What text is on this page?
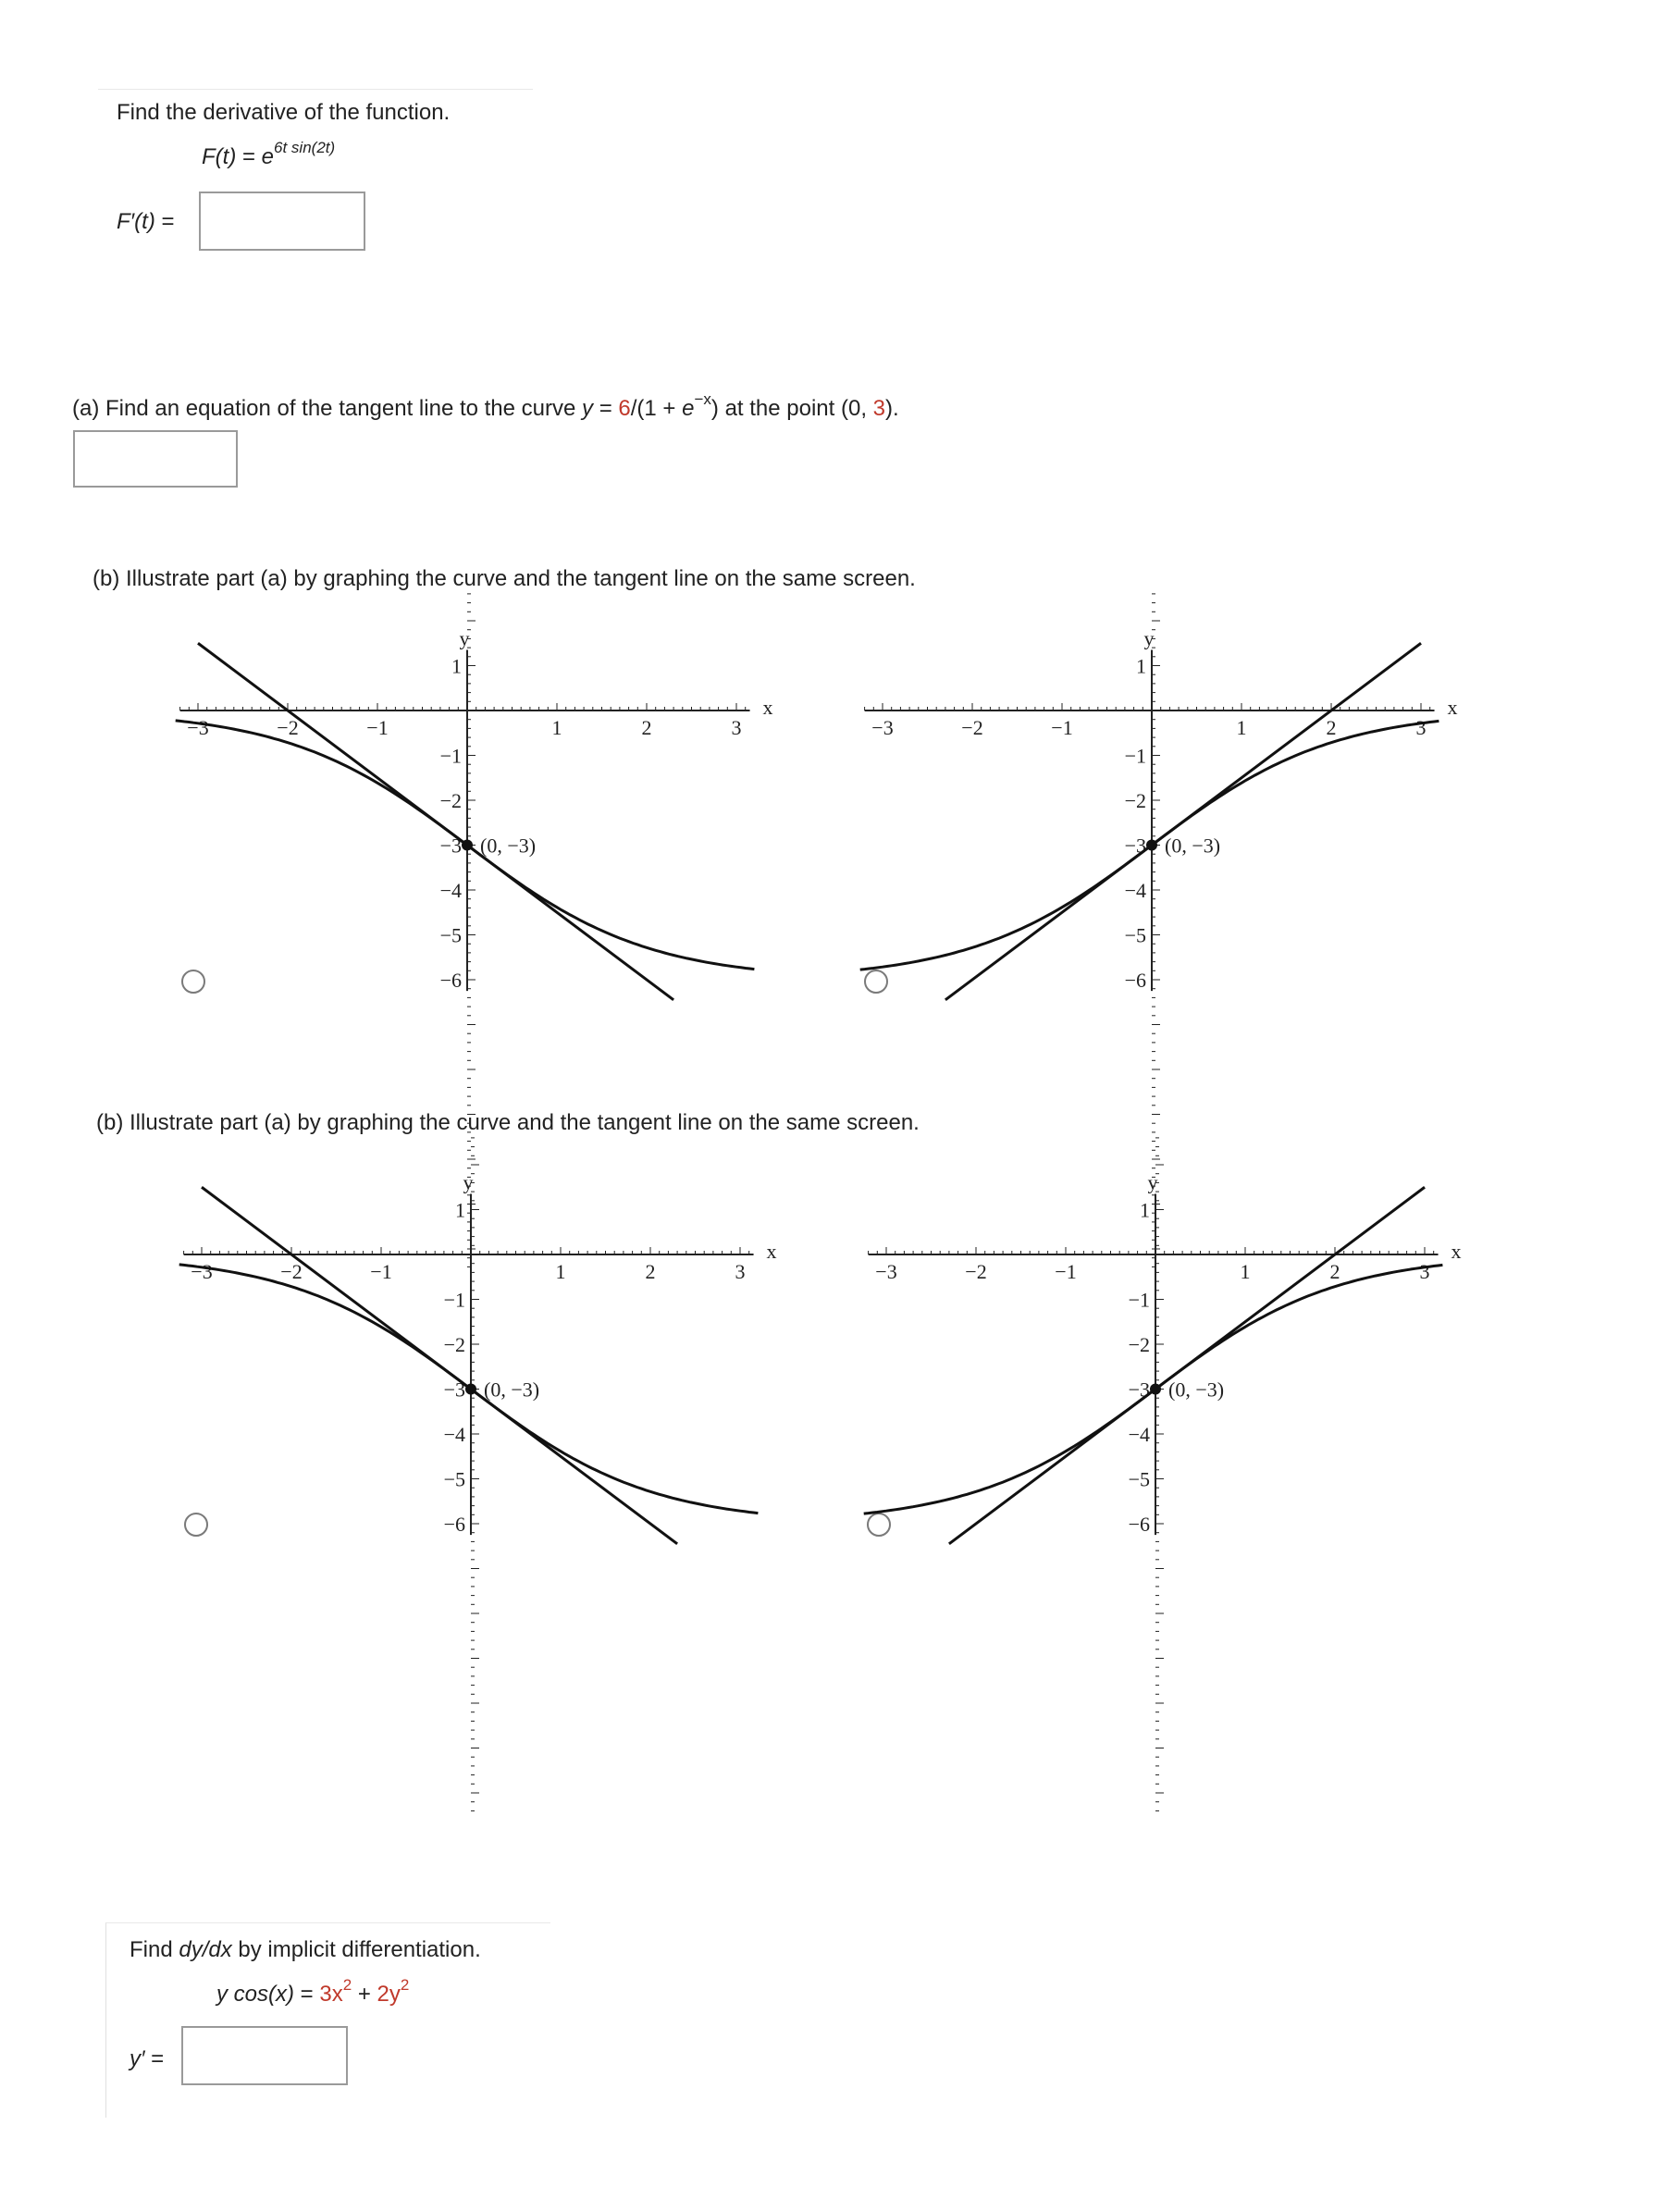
Find the derivative of the function.
$F(t) = e^{6t sin(2t)}$
F′(t) =
(a) Find an equation of the tangent line to the curve $y = 6/(1 + e^{-x})$ at the point (0, 3).
(b) Illustrate part (a) by graphing the curve and the tangent line on the same screen.
(b) Illustrate part (a) by graphing the curve and the tangent line on the same screen.
−3	−2	−1	1	2	3
1
−1
−2
−3
−4
−5
−6
y
x
(0, −3)
−3	−2	−1	1	2	3
1
−1
−2
−3
−4
−5
−6
y
x
(0, −3)
−3	−2	−1	1	2	3
1
−1
−2
−3
−4
−5
−6
y
x
(0, −3)
−3	−2	−1	1	2	3
1
−1
−2
−3
−4
−5
−6
y
x
(0, −3)
Find dy/dx by implicit differentiation.
y $\cos(x) = 3x^2 + 2y^2$
y′ =
